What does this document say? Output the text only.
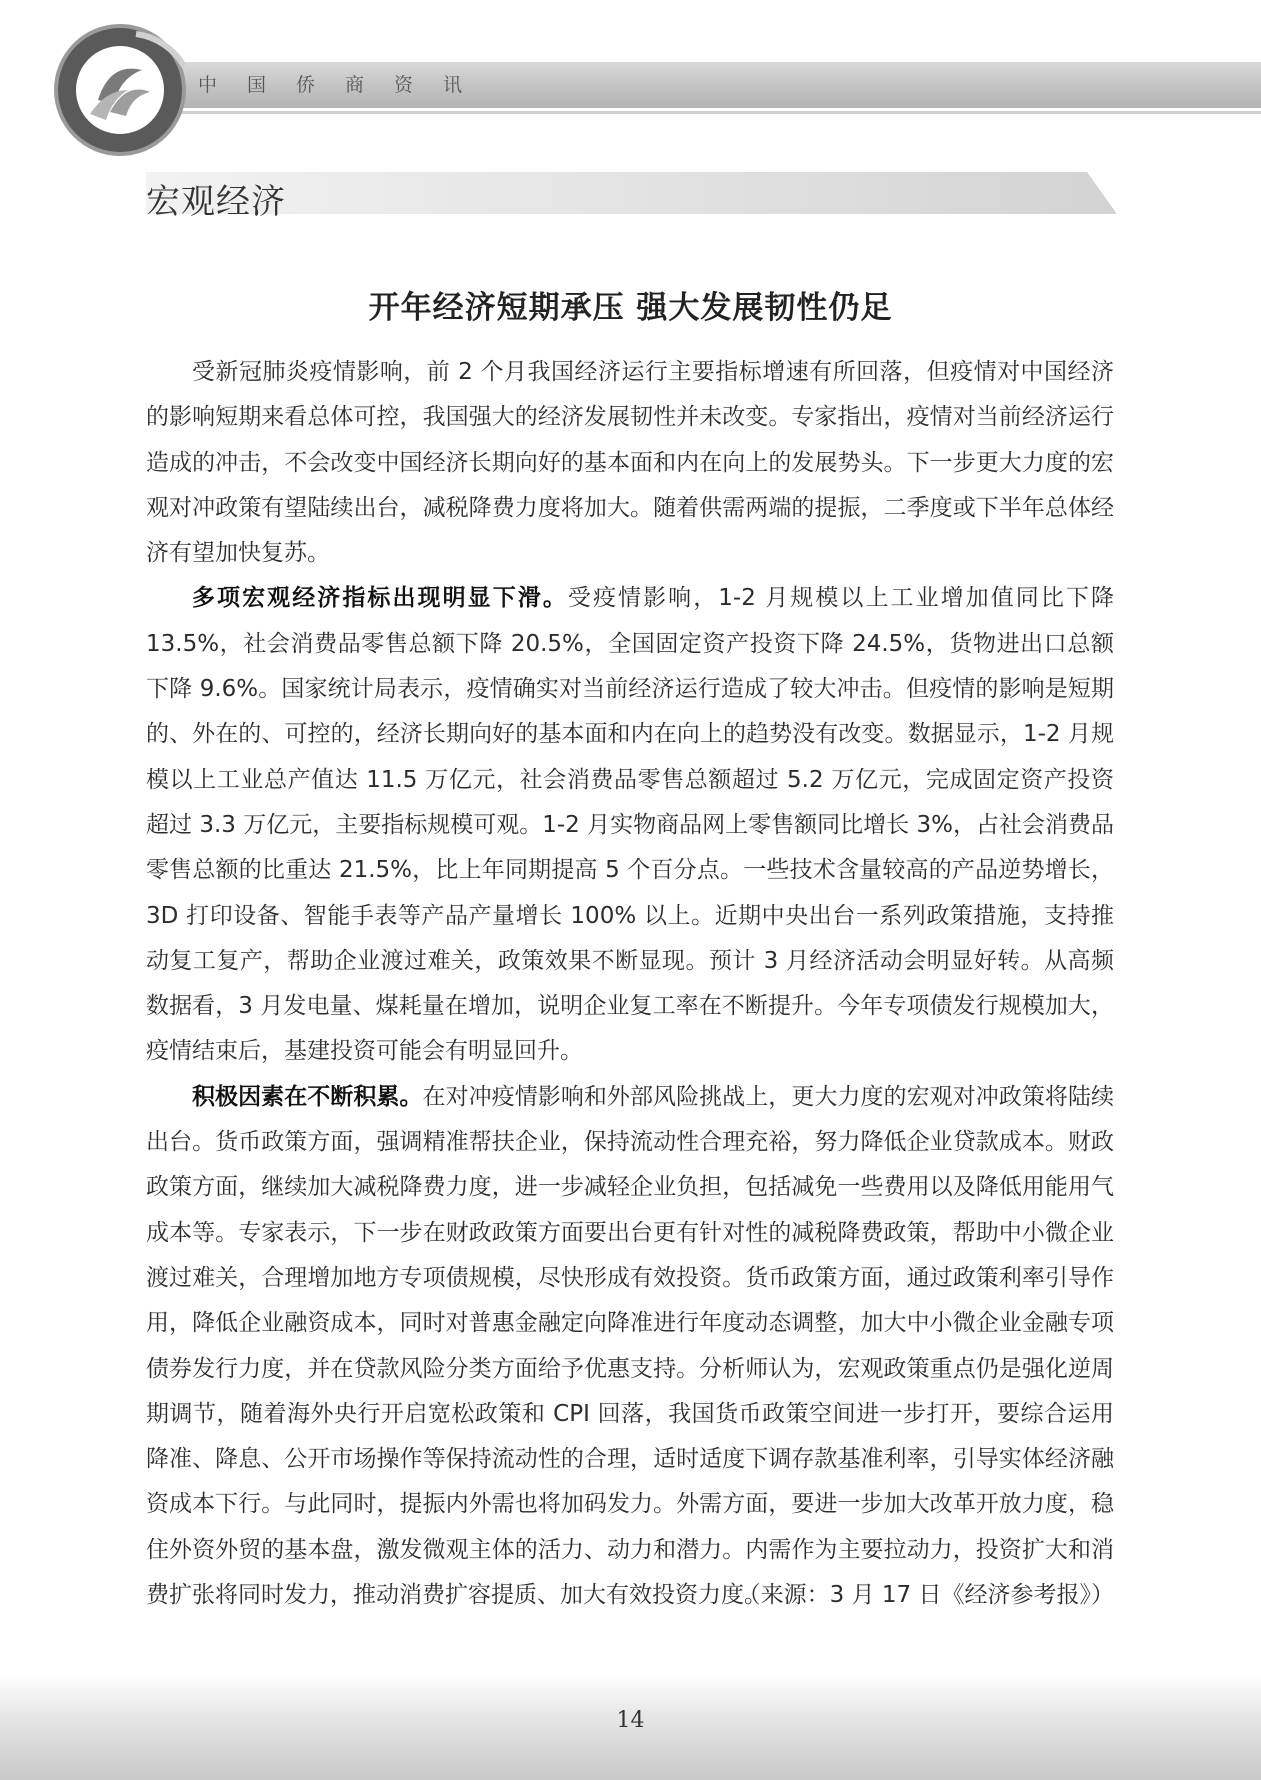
中国侨商资讯
宏观经济
开年经济短期承压 强大发展韧性仍足

受新冠肺炎疫情影响，前 2 个月我国经济运行主要指标增速有所回落，但疫情对中国经济的影响短期来看总体可控，我国强大的经济发展韧性并未改变。专家指出，疫情对当前经济运行造成的冲击，不会改变中国经济长期向好的基本面和内在向上的发展势头。下一步更大力度的宏观对冲政策有望陆续出台，减税降费力度将加大。随着供需两端的提振，二季度或下半年总体经济有望加快复苏。

多项宏观经济指标出现明显下滑。受疫情影响，1-2 月规模以上工业增加值同比下降 13.5%，社会消费品零售总额下降 20.5%，全国固定资产投资下降 24.5%，货物进出口总额下降 9.6%。国家统计局表示，疫情确实对当前经济运行造成了较大冲击。但疫情的影响是短期的、外在的、可控的，经济长期向好的基本面和内在向上的趋势没有改变。数据显示，1-2 月规模以上工业总产值达 11.5 万亿元，社会消费品零售总额超过 5.2 万亿元，完成固定资产投资超过 3.3 万亿元，主要指标规模可观。1-2 月实物商品网上零售额同比增长 3%，占社会消费品零售总额的比重达 21.5%，比上年同期提高 5 个百分点。一些技术含量较高的产品逆势增长，3D 打印设备、智能手表等产品产量增长 100% 以上。近期中央出台一系列政策措施，支持推动复工复产，帮助企业渡过难关，政策效果不断显现。预计 3 月经济活动会明显好转。从高频数据看，3 月发电量、煤耗量在增加，说明企业复工率在不断提升。今年专项债发行规模加大，疫情结束后，基建投资可能会有明显回升。

积极因素在不断积累。在对冲疫情影响和外部风险挑战上，更大力度的宏观对冲政策将陆续出台。货币政策方面，强调精准帮扶企业，保持流动性合理充裕，努力降低企业贷款成本。财政政策方面，继续加大减税降费力度，进一步减轻企业负担，包括减免一些费用以及降低用能用气成本等。专家表示，下一步在财政政策方面要出台更有针对性的减税降费政策，帮助中小微企业渡过难关，合理增加地方专项债规模，尽快形成有效投资。货币政策方面，通过政策利率引导作用，降低企业融资成本，同时对普惠金融定向降准进行年度动态调整，加大中小微企业金融专项债券发行力度，并在贷款风险分类方面给予优惠支持。分析师认为，宏观政策重点仍是强化逆周期调节，随着海外央行开启宽松政策和 CPI 回落，我国货币政策空间进一步打开，要综合运用降准、降息、公开市场操作等保持流动性的合理，适时适度下调存款基准利率，引导实体经济融资成本下行。与此同时，提振内外需也将加码发力。外需方面，要进一步加大改革开放力度，稳住外资外贸的基本盘，激发微观主体的活力、动力和潜力。内需作为主要拉动力，投资扩大和消费扩张将同时发力，推动消费扩容提质、加大有效投资力度。

（来源：3 月 17 日《经济参考报》）

14
